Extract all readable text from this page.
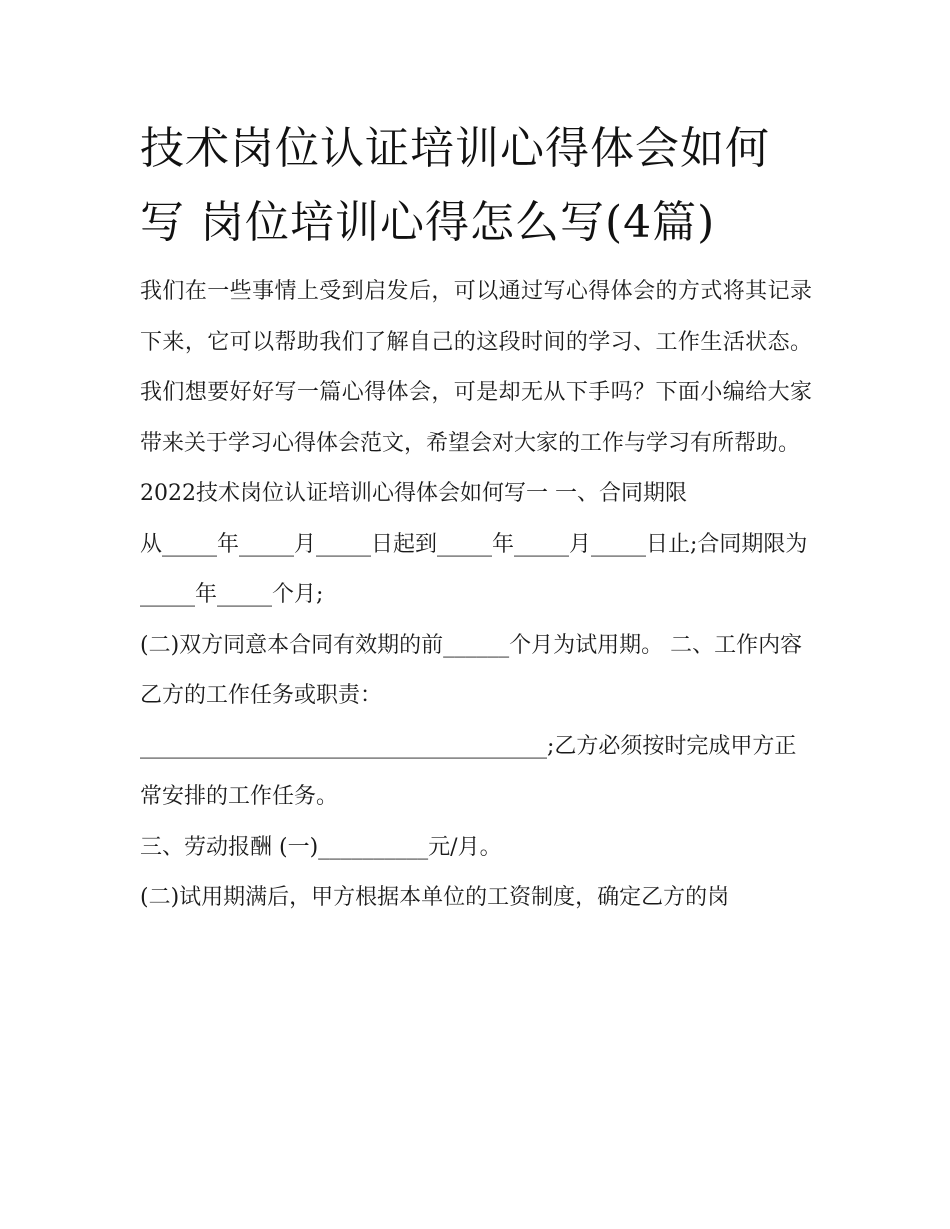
技术岗位认证培训心得体会如何写 岗位培训心得怎么写(4篇)

我们在一些事情上受到启发后，可以通过写心得体会的方式将其记录下来，它可以帮助我们了解自己的这段时间的学习、工作生活状态。我们想要好好写一篇心得体会，可是却无从下手吗？下面小编给大家带来关于学习心得体会范文，希望会对大家的工作与学习有所帮助。

2022技术岗位认证培训心得体会如何写一 一、合同期限

从_____年_____月_____日起到_____年_____月_____日止;合同期限为_____年_____个月;

(二)双方同意本合同有效期的前______个月为试用期。 二、工作内容

乙方的工作任务或职责：

_____________________________________;乙方必须按时完成甲方正常安排的工作任务。

三、劳动报酬 (一)__________元/月。

(二)试用期满后，甲方根据本单位的工资制度，确定乙方的岗
